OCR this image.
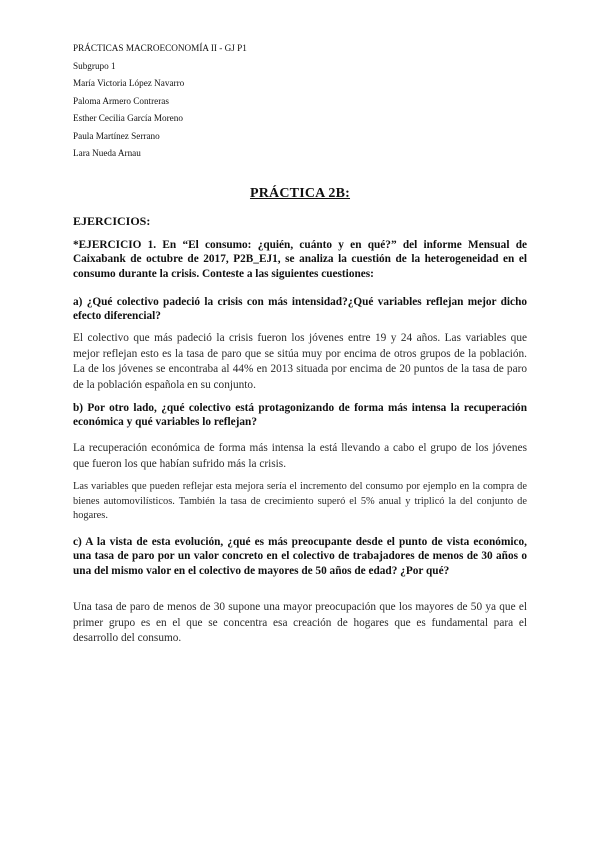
PRÁCTICAS MACROECONOMÍA II - GJ P1
Subgrupo 1
María Victoria López Navarro
Paloma Armero Contreras
Esther Cecilia García Moreno
Paula Martínez Serrano
Lara Nueda Arnau
PRÁCTICA 2B:
EJERCICIOS:
*EJERCICIO 1. En “El consumo: ¿quién, cuánto y en qué?” del informe Mensual de Caixabank de octubre de 2017, P2B_EJ1, se analiza la cuestión de la heterogeneidad en el consumo durante la crisis. Conteste a las siguientes cuestiones:
a) ¿Qué colectivo padeció la crisis con más intensidad?¿Qué variables reflejan mejor dicho efecto diferencial?
El colectivo que más padeció la crisis fueron los jóvenes entre 19 y 24 años. Las variables que mejor reflejan esto es la tasa de paro que se sitúa muy por encima de otros grupos de la población. La de los jóvenes se encontraba al 44% en 2013 situada por encima de 20 puntos de la tasa de paro de la población española en su conjunto.
b) Por otro lado, ¿qué colectivo está protagonizando de forma más intensa la recuperación económica y qué variables lo reflejan?
La recuperación económica de forma más intensa la está llevando a cabo el grupo de los jóvenes que fueron los que habían sufrido más la crisis.
Las variables que pueden reflejar esta mejora sería el incremento del consumo por ejemplo en la compra de bienes automovilísticos. También la tasa de crecimiento superó el 5% anual y triplicó la del conjunto de hogares.
c) A la vista de esta evolución, ¿qué es más preocupante desde el punto de vista económico, una tasa de paro por un valor concreto en el colectivo de trabajadores de menos de 30 años o una del mismo valor en el colectivo de mayores de 50 años de edad? ¿Por qué?
Una tasa de paro de menos de 30 supone una mayor preocupación que los mayores de 50 ya que el primer grupo es en el que se concentra esa creación de hogares que es fundamental para el desarrollo del consumo.
